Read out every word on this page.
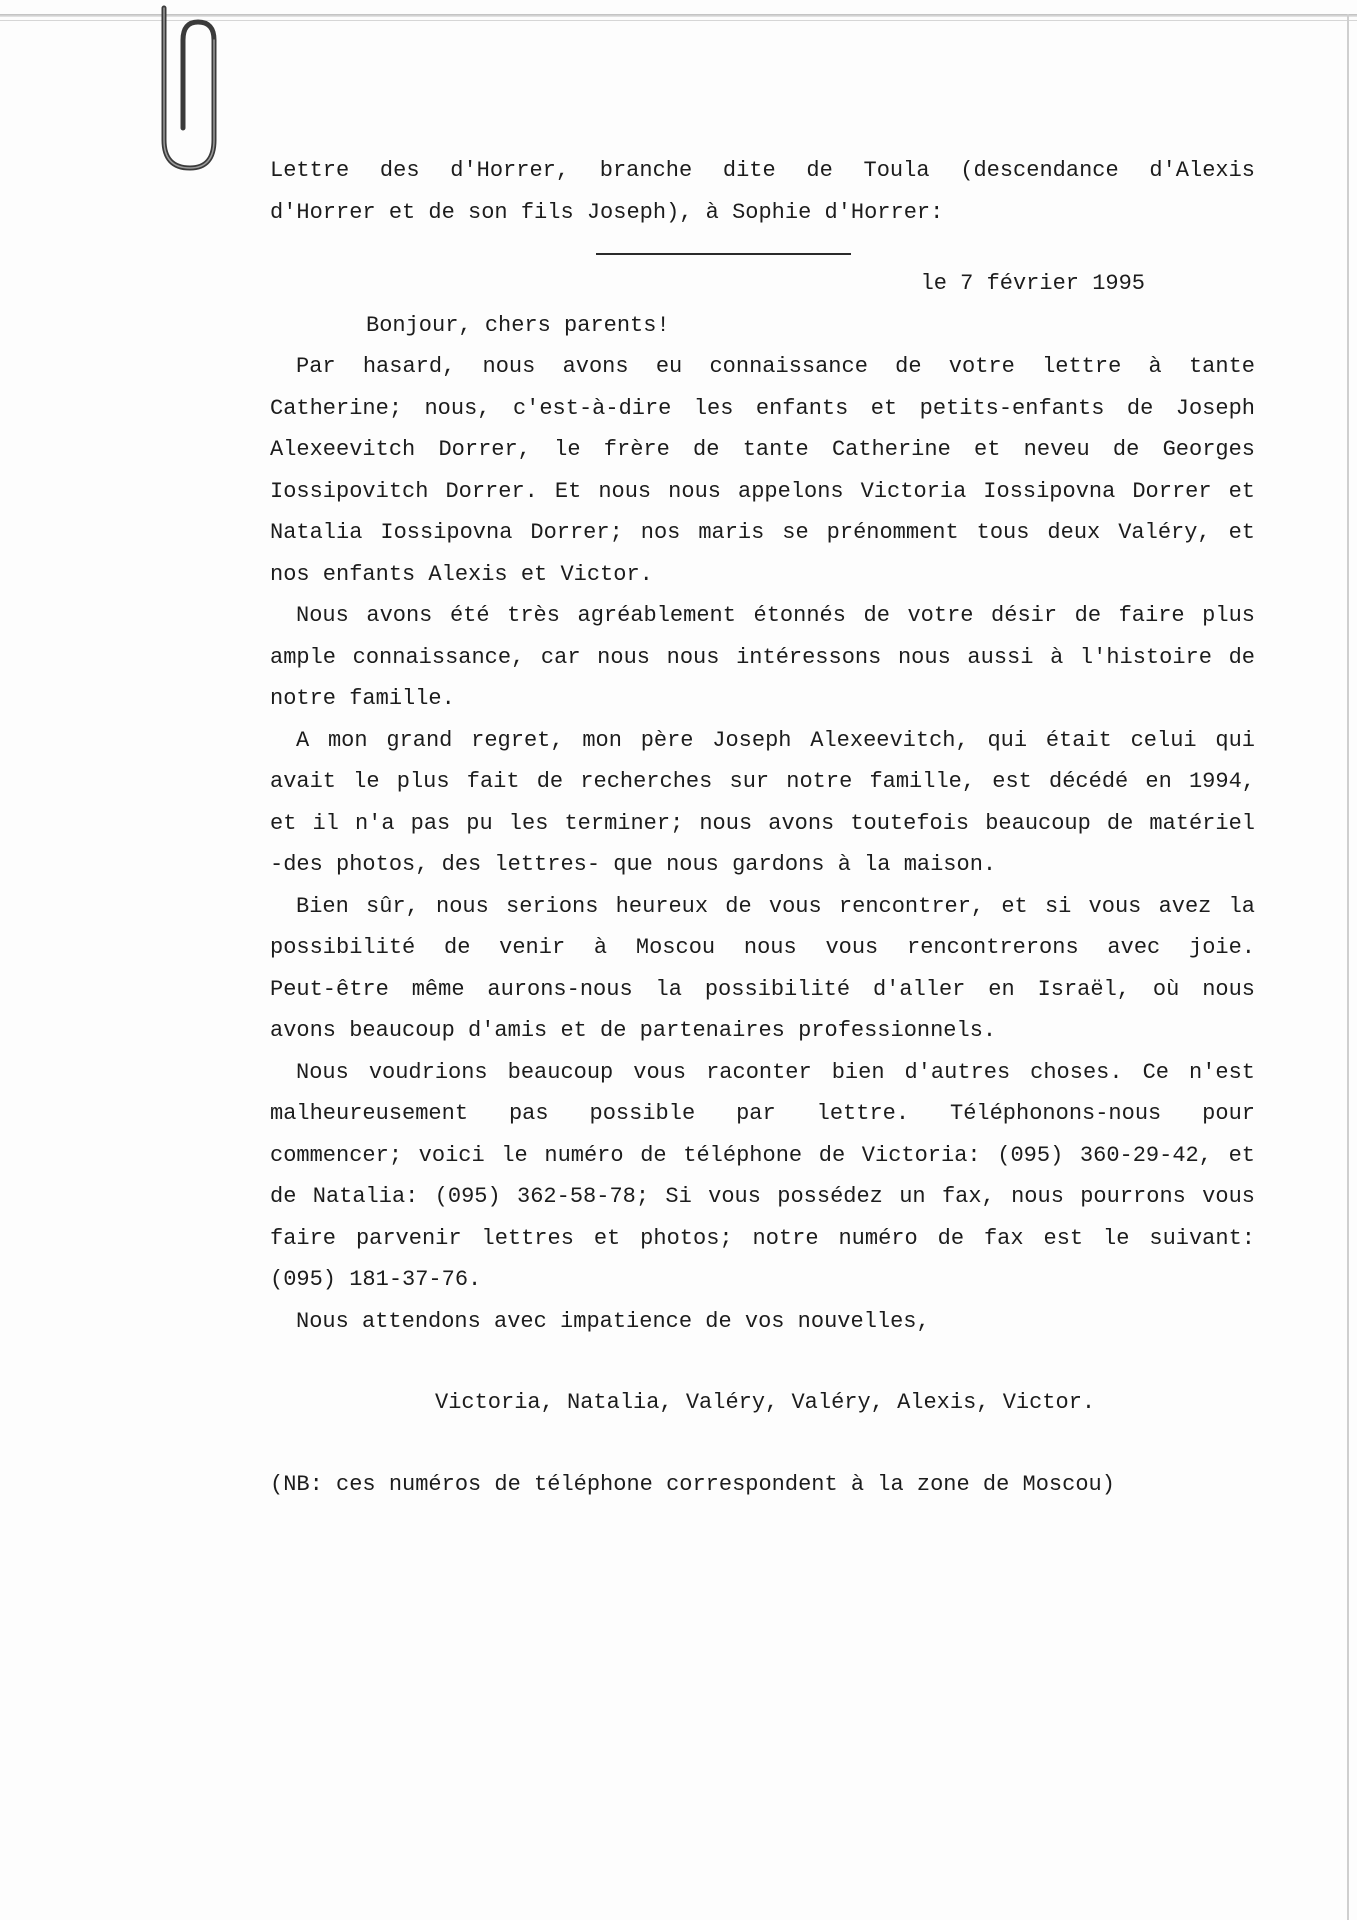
Lettre des d'Horrer, branche dite de Toula (descendance d'Alexis
d'Horrer et de son fils Joseph), à Sophie d'Horrer:
le 7 février 1995
Bonjour, chers parents!
Par hasard, nous avons eu connaissance de votre lettre à tante
Catherine; nous, c'est-à-dire les enfants et petits-enfants de Joseph
Alexeevitch Dorrer, le frère de tante Catherine et neveu de Georges
Iossipovitch Dorrer. Et nous nous appelons Victoria Iossipovna Dorrer et
Natalia Iossipovna Dorrer; nos maris se prénomment tous deux Valéry, et
nos enfants Alexis et Victor.
Nous avons été très agréablement étonnés de votre désir de faire plus
ample connaissance, car nous nous intéressons nous aussi à l'histoire de
notre famille.
A mon grand regret, mon père Joseph Alexeevitch, qui était celui qui
avait le plus fait de recherches sur notre famille, est décédé en 1994,
et il n'a pas pu les terminer; nous avons toutefois beaucoup de matériel
-des photos, des lettres- que nous gardons à la maison.
Bien sûr, nous serions heureux de vous rencontrer, et si vous avez la
possibilité de venir à Moscou nous vous rencontrerons avec joie.
Peut-être même aurons-nous la possibilité d'aller en Israël, où nous
avons beaucoup d'amis et de partenaires professionnels.
Nous voudrions beaucoup vous raconter bien d'autres choses. Ce n'est
malheureusement pas possible par lettre. Téléphonons-nous pour
commencer; voici le numéro de téléphone de Victoria: (095) 360-29-42, et
de Natalia: (095) 362-58-78; Si vous possédez un fax, nous pourrons vous
faire parvenir lettres et photos; notre numéro de fax est le suivant:
(095) 181-37-76.
Nous attendons avec impatience de vos nouvelles,
Victoria, Natalia, Valéry, Valéry, Alexis, Victor.
(NB: ces numéros de téléphone correspondent à la zone de Moscou)
